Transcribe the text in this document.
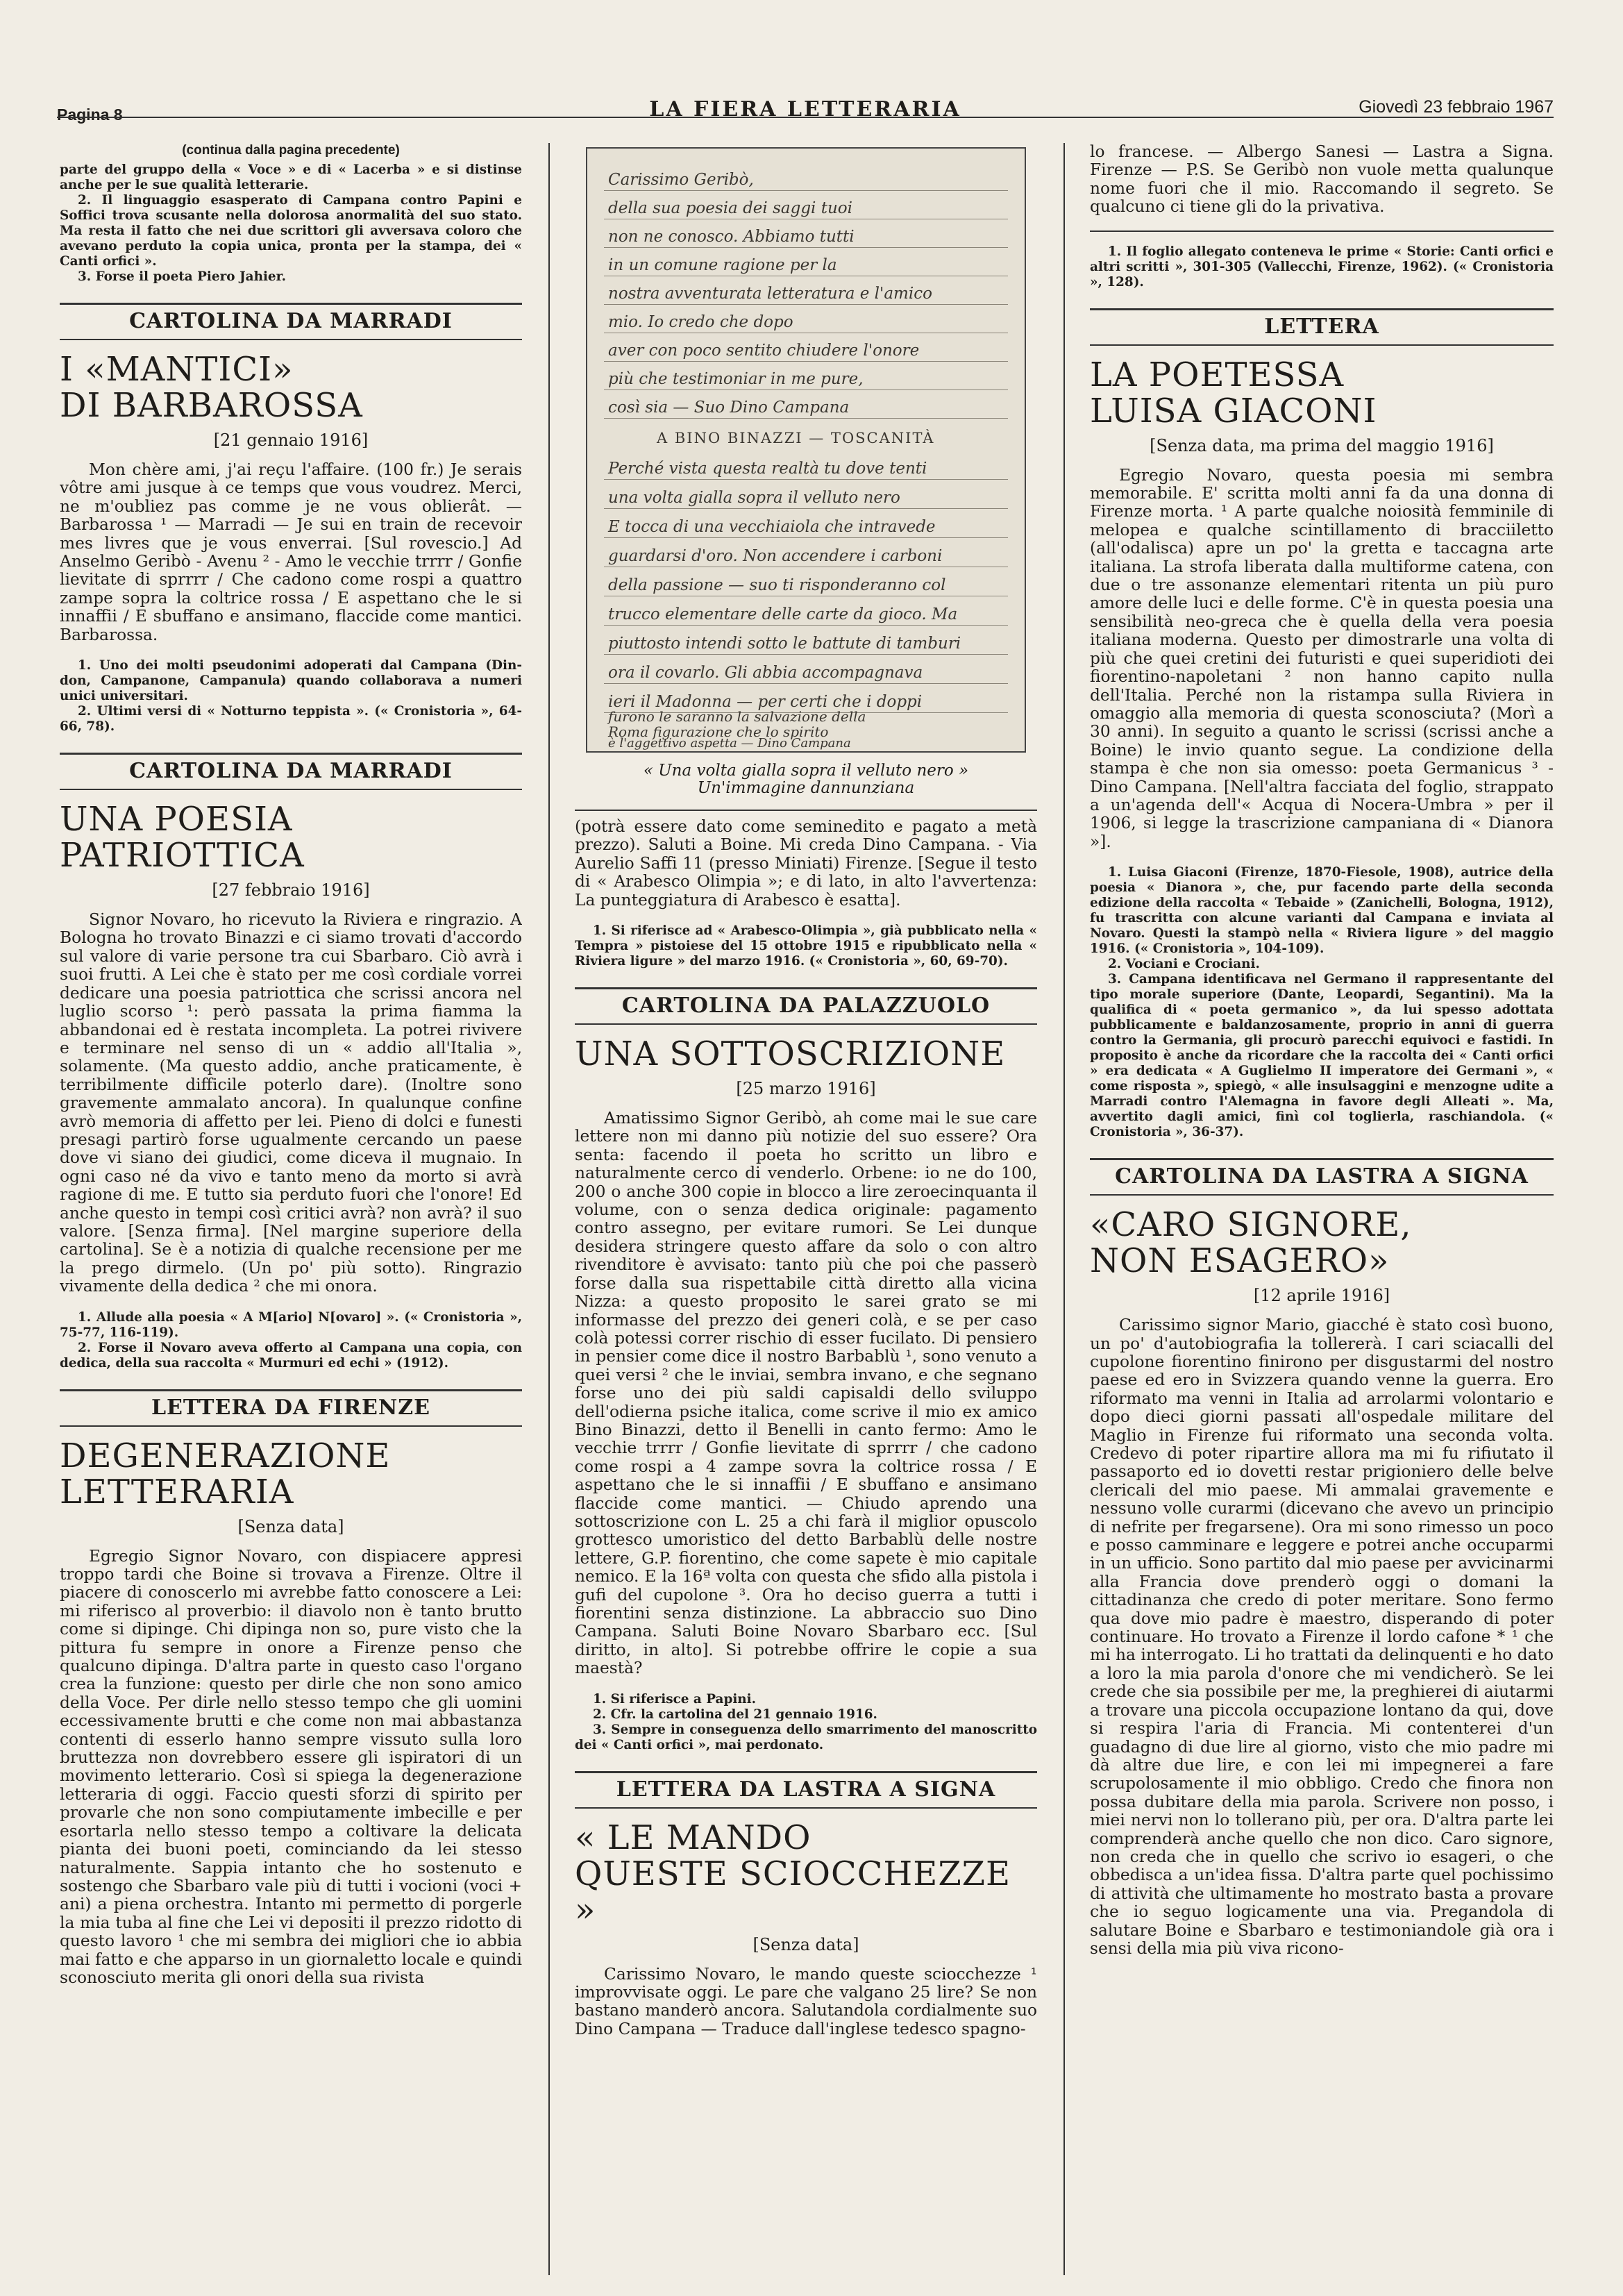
Pagina 8	LA FIERA LETTERARIA	Giovedì 23 febbraio 1967

(continua dalla pagina precedente)

parte del gruppo della « Voce » e di « Lacerba » e si distinse anche per le sue qualità letterarie.

2. Il linguaggio esasperato di Campana contro Papini e Soffici trova scusante nella dolorosa anormalità del suo stato. Ma resta il fatto che nei due scrittori gli avversava coloro che avevano perduto la copia unica, pronta per la stampa, dei « Canti orfici ».

3. Forse il poeta Piero Jahier.

CARTOLINA DA MARRADI
I «MANTICI»
DI BARBAROSSA
[21 gennaio 1916]

Mon chère ami, j'ai reçu l'affaire. (100 fr.) Je serais vôtre ami jusque à ce temps que vous voudrez. Merci, ne m'oubliez pas comme je ne vous oblierât. — Barbarossa ¹ — Marradi — Je sui en train de recevoir mes livres que je vous enverrai. [Sul rovescio.] Ad Anselmo Geribò - Avenu ² - Amo le vecchie trrrr / Gonfie lievitate di sprrrr / Che cadono come rospi a quattro zampe sopra la coltrice rossa / E aspettano che le si innaffii / E sbuffano e ansimano, flaccide come mantici. Barbarossa.

1. Uno dei molti pseudonimi adoperati dal Campana (Din-don, Campanone, Campanula) quando collaborava a numeri unici universitari.

2. Ultimi versi di « Notturno teppista ». (« Cronistoria », 64-66, 78).

CARTOLINA DA MARRADI
UNA POESIA
PATRIOTTICA
[27 febbraio 1916]

Signor Novaro, ho ricevuto la Riviera e ringrazio. A Bologna ho trovato Binazzi e ci siamo trovati d'accordo sul valore di varie persone tra cui Sbarbaro. Ciò avrà i suoi frutti. A Lei che è stato per me così cordiale vorrei dedicare una poesia patriottica che scrissi ancora nel luglio scorso ¹: però passata la prima fiamma la abbandonai ed è restata incompleta. La potrei rivivere e terminare nel senso di un « addio all'Italia », solamente. (Ma questo addio, anche praticamente, è terribilmente difficile poterlo dare). (Inoltre sono gravemente ammalato ancora). In qualunque confine avrò memoria di affetto per lei. Pieno di dolci e funesti presagi partirò forse ugualmente cercando un paese dove vi siano dei giudici, come diceva il mugnaio. In ogni caso né da vivo e tanto meno da morto si avrà ragione di me. E tutto sia perduto fuori che l'onore! Ed anche questo in tempi così critici avrà? non avrà? il suo valore. [Senza firma]. [Nel margine superiore della cartolina]. Se è a notizia di qualche recensione per me la prego dirmelo. (Un po' più sotto). Ringrazio vivamente della dedica ² che mi onora.

1. Allude alla poesia « A M[ario] N[ovaro] ». (« Cronistoria », 75-77, 116-119).

2. Forse il Novaro aveva offerto al Campana una copia, con dedica, della sua raccolta « Murmuri ed echi » (1912).

LETTERA DA FIRENZE
DEGENERAZIONE
LETTERARIA
[Senza data]

Egregio Signor Novaro, con dispiacere appresi troppo tardi che Boine si trovava a Firenze. Oltre il piacere di conoscerlo mi avrebbe fatto conoscere a Lei: mi riferisco al proverbio: il diavolo non è tanto brutto come si dipinge. Chi dipinga non so, pure visto che la pittura fu sempre in onore a Firenze penso che qualcuno dipinga. D'altra parte in questo caso l'organo crea la funzione: questo per dirle che non sono amico della Voce. Per dirle nello stesso tempo che gli uomini eccessivamente brutti e che come non mai abbastanza contenti di esserlo hanno sempre vissuto sulla loro bruttezza non dovrebbero essere gli ispiratori di un movimento letterario. Così si spiega la degenerazione letteraria di oggi. Faccio questi sforzi di spirito per provarle che non sono compiutamente imbecille e per esortarla nello stesso tempo a coltivare la delicata pianta dei buoni poeti, cominciando da lei stesso naturalmente. Sappia intanto che ho sostenuto e sostengo che Sbarbaro vale più di tutti i vocioni (voci + ani) a piena orchestra. Intanto mi permetto di porgerle la mia tuba al fine che Lei vi depositi il prezzo ridotto di questo lavoro ¹ che mi sembra dei migliori che io abbia mai fatto e che apparso in un giornaletto locale e quindi sconosciuto merita gli onori della sua rivista

Carissimo Geribò,
della sua poesia dei saggi tuoi
non ne conosco. Abbiamo tutti
in un comune ragione per la
nostra avventurata letteratura e l'amico
mio. Io credo che dopo
aver con poco sentito chiudere l'onore
più che testimoniar in me pure,
così sia — Suo Dino Campana
A BINO BINAZZI — TOSCANITÀ
Perché vista questa realtà tu dove tenti
una volta gialla sopra il velluto nero
E tocca di una vecchiaiola che intravede
guardarsi d'oro. Non accendere i carboni
della passione — suo ti risponderanno col
trucco elementare delle carte da gioco. Ma
piuttosto intendi sotto le battute di tamburi
ora il covarlo. Gli abbia accompagnava
ieri il Madonna — per certi che i doppi
furono le saranno la salvazione della
Roma figurazione che lo spirito
è l'aggettivo aspetta — Dino Campana
« Una volta gialla sopra il velluto nero »
Un'immagine dannunziana

(potrà essere dato come seminedito e pagato a metà prezzo). Saluti a Boine. Mi creda Dino Campana. - Via Aurelio Saffi 11 (presso Miniati) Firenze. [Segue il testo di « Arabesco Olimpia »; e di lato, in alto l'avvertenza: La punteggiatura di Arabesco è esatta].

1. Si riferisce ad « Arabesco-Olimpia », già pubblicato nella « Tempra » pistoiese del 15 ottobre 1915 e ripubblicato nella « Riviera ligure » del marzo 1916. (« Cronistoria », 60, 69-70).

CARTOLINA DA PALAZZUOLO
UNA SOTTOSCRIZIONE
[25 marzo 1916]

Amatissimo Signor Geribò, ah come mai le sue care lettere non mi danno più notizie del suo essere? Ora senta: facendo il poeta ho scritto un libro e naturalmente cerco di venderlo. Orbene: io ne do 100, 200 o anche 300 copie in blocco a lire zeroecinquanta il volume, con o senza dedica originale: pagamento contro assegno, per evitare rumori. Se Lei dunque desidera stringere questo affare da solo o con altro rivenditore è avvisato: tanto più che poi che passerò forse dalla sua rispettabile città diretto alla vicina Nizza: a questo proposito le sarei grato se mi informasse del prezzo dei generi colà, e se per caso colà potessi correr rischio di esser fucilato. Di pensiero in pensier come dice il nostro Barbablù ¹, sono venuto a quei versi ² che le inviai, sembra invano, e che segnano forse uno dei più saldi capisaldi dello sviluppo dell'odierna psiche italica, come scrive il mio ex amico Bino Binazzi, detto il Benelli in canto fermo: Amo le vecchie trrrr / Gonfie lievitate di sprrrr / che cadono come rospi a 4 zampe sovra la coltrice rossa / E aspettano che le si innaffii / E sbuffano e ansimano flaccide come mantici. — Chiudo aprendo una sottoscrizione con L. 25 a chi farà il miglior opuscolo grottesco umoristico del detto Barbablù delle nostre lettere, G.P. fiorentino, che come sapete è mio capitale nemico. E la 16ª volta con questa che sfido alla pistola i gufi del cupolone ³. Ora ho deciso guerra a tutti i fiorentini senza distinzione. La abbraccio suo Dino Campana. Saluti Boine Novaro Sbarbaro ecc. [Sul diritto, in alto]. Si potrebbe offrire le copie a sua maestà?

1. Si riferisce a Papini.

2. Cfr. la cartolina del 21 gennaio 1916.

3. Sempre in conseguenza dello smarrimento del manoscritto dei « Canti orfici », mai perdonato.

LETTERA DA LASTRA A SIGNA
« LE MANDO
QUESTE SCIOCCHEZZE »
[Senza data]

Carissimo Novaro, le mando queste sciocchezze ¹ improvvisate oggi. Le pare che valgano 25 lire? Se non bastano manderò ancora. Salutandola cordialmente suo Dino Campana — Traduce dall'inglese tedesco spagno-

lo francese. — Albergo Sanesi — Lastra a Signa. Firenze — P.S. Se Geribò non vuole metta qualunque nome fuori che il mio. Raccomando il segreto. Se qualcuno ci tiene gli do la privativa.

1. Il foglio allegato conteneva le prime « Storie: Canti orfici e altri scritti », 301-305 (Vallecchi, Firenze, 1962). (« Cronistoria », 128).

LETTERA
LA POETESSA
LUISA GIACONI
[Senza data, ma prima del maggio 1916]

Egregio Novaro, questa poesia mi sembra memorabile. E' scritta molti anni fa da una donna di Firenze morta. ¹ A parte qualche noiosità femminile di melopea e qualche scintillamento di bracciiletto (all'odalisca) apre un po' la gretta e taccagna arte italiana. La strofa liberata dalla multiforme catena, con due o tre assonanze elementari ritenta un più puro amore delle luci e delle forme. C'è in questa poesia una sensibilità neo-greca che è quella della vera poesia italiana moderna. Questo per dimostrarle una volta di più che quei cretini dei futuristi e quei superidioti dei fiorentino-napoletani ² non hanno capito nulla dell'Italia. Perché non la ristampa sulla Riviera in omaggio alla memoria di questa sconosciuta? (Morì a 30 anni). In seguito a quanto le scrissi (scrissi anche a Boine) le invio quanto segue. La condizione della stampa è che non sia omesso: poeta Germanicus ³ - Dino Campana. [Nell'altra facciata del foglio, strappato a un'agenda dell'« Acqua di Nocera-Umbra » per il 1906, si legge la trascrizione campaniana di « Dianora »].

1. Luisa Giaconi (Firenze, 1870-Fiesole, 1908), autrice della poesia « Dianora », che, pur facendo parte della seconda edizione della raccolta « Tebaide » (Zanichelli, Bologna, 1912), fu trascritta con alcune varianti dal Campana e inviata al Novaro. Questi la stampò nella « Riviera ligure » del maggio 1916. (« Cronistoria », 104-109).

2. Vociani e Crociani.

3. Campana identificava nel Germano il rappresentante del tipo morale superiore (Dante, Leopardi, Segantini). Ma la qualifica di « poeta germanico », da lui spesso adottata pubblicamente e baldanzosamente, proprio in anni di guerra contro la Germania, gli procurò parecchi equivoci e fastidi. In proposito è anche da ricordare che la raccolta dei « Canti orfici » era dedicata « A Guglielmo II imperatore dei Germani », « come risposta », spiegò, « alle insulsaggini e menzogne udite a Marradi contro l'Alemagna in favore degli Alleati ». Ma, avvertito dagli amici, finì col toglierla, raschiandola. (« Cronistoria », 36-37).

CARTOLINA DA LASTRA A SIGNA
«CARO SIGNORE,
NON ESAGERO»
[12 aprile 1916]

Carissimo signor Mario, giacché è stato così buono, un po' d'autobiografia la tollererà. I cari sciacalli del cupolone fiorentino finirono per disgustarmi del nostro paese ed ero in Svizzera quando venne la guerra. Ero riformato ma venni in Italia ad arrolarmi volontario e dopo dieci giorni passati all'ospedale militare del Maglio in Firenze fui riformato una seconda volta. Credevo di poter ripartire allora ma mi fu rifiutato il passaporto ed io dovetti restar prigioniero delle belve clericali del mio paese. Mi ammalai gravemente e nessuno volle curarmi (dicevano che avevo un principio di nefrite per fregarsene). Ora mi sono rimesso un poco e posso camminare e leggere e potrei anche occuparmi in un ufficio. Sono partito dal mio paese per avvicinarmi alla Francia dove prenderò oggi o domani la cittadinanza che credo di poter meritare. Sono fermo qua dove mio padre è maestro, disperando di poter continuare. Ho trovato a Firenze il lordo cafone * ¹ che mi ha interrogato. Li ho trattati da delinquenti e ho dato a loro la mia parola d'onore che mi vendicherò. Se lei crede che sia possibile per me, la preghierei di aiutarmi a trovare una piccola occupazione lontano da qui, dove si respira l'aria di Francia. Mi contenterei d'un guadagno di due lire al giorno, visto che mio padre mi dà altre due lire, e con lei mi impegnerei a fare scrupolosamente il mio obbligo. Credo che finora non possa dubitare della mia parola. Scrivere non posso, i miei nervi non lo tollerano più, per ora. D'altra parte lei comprenderà anche quello che non dico. Caro signore, non creda che in quello che scrivo io esageri, o che obbedisca a un'idea fissa. D'altra parte quel pochissimo di attività che ultimamente ho mostrato basta a provare che io seguo logicamente una via. Pregandola di salutare Boine e Sbarbaro e testimoniandole già ora i sensi della mia più viva ricono-
